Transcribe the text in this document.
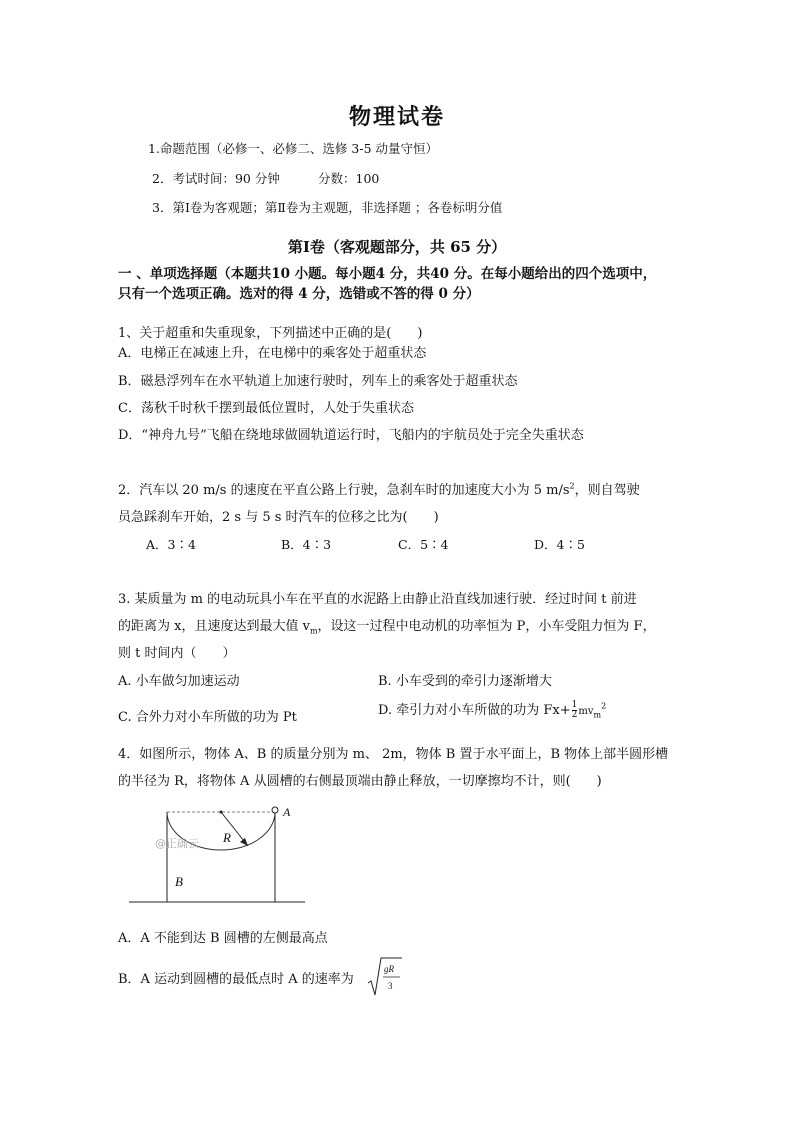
物理试卷
1.命题范围（必修一、必修二、选修 3-5 动量守恒）
2．考试时间：90 分钟	分数：100
3．第Ⅰ卷为客观题；第Ⅱ卷为主观题，非选择题 ；各卷标明分值
第Ⅰ卷（客观题部分，共 65 分）
一 、单项选择题（本题共10 小题。每小题4 分，共40 分。在每小题给出的四个选项中，
只有一个选项正确。选对的得 4 分，选错或不答的得 0 分）
1、关于超重和失重现象，下列描述中正确的是(　　)
A．电梯正在减速上升，在电梯中的乘客处于超重状态
B．磁悬浮列车在水平轨道上加速行驶时，列车上的乘客处于超重状态
C．荡秋千时秋千摆到最低位置时，人处于失重状态
D．“神舟九号”飞船在绕地球做圆轨道运行时，飞船内的宇航员处于完全失重状态
2．汽车以 20 m/s 的速度在平直公路上行驶，急刹车时的加速度大小为 5 $m/s^2$，则自驾驶
员急踩刹车开始，2 s 与 5 s 时汽车的位移之比为(　　)
A．3∶4	B．4∶3	C．5∶4	D．4∶5
3. 某质量为 m 的电动玩具小车在平直的水泥路上由静止沿直线加速行驶．经过时间 t 前进
的距离为 x，且速度达到最大值 $v_m$，设这一过程中电动机的功率恒为 P，小车受阻力恒为 F，
则 t 时间内（　　）
A. 小车做匀加速运动	B. 小车受到的牵引力逐渐增大
C. 合外力对小车所做的功为 Pt	D. 牵引力对小车所做的功为 $Fx+ \frac{1}{2} mv_m^2$
4．如图所示，物体 A、B 的质量分别为 m、 2m，物体 B 置于水平面上，B 物体上部半圆形槽
的半径为 R，将物体 A 从圆槽的右侧最顶端由静止释放，一切摩擦均不计，则(　　)
A
R
B
@正确云
A．A 不能到达 B 圆槽的左侧最高点
B．A 运动到圆槽的最低点时 A 的速率为
gR
3
